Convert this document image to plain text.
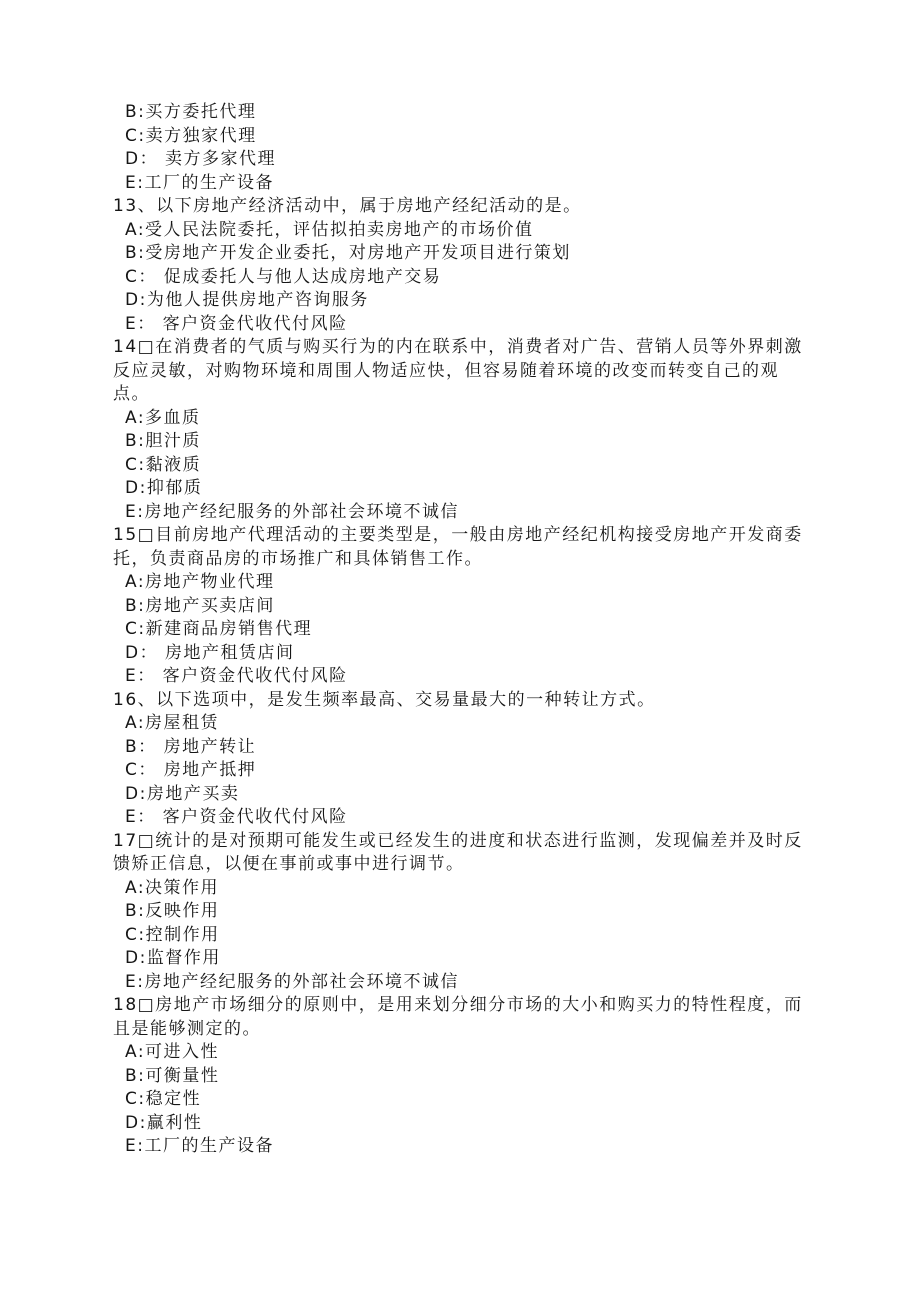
B:买方委托代理

C:卖方独家代理

D： 卖方多家代理

E:工厂的生产设备

13、以下房地产经济活动中，属于房地产经纪活动的是。

A:受人民法院委托，评估拟拍卖房地产的市场价值

B:受房地产开发企业委托，对房地产开发项目进行策划

C： 促成委托人与他人达成房地产交易

D:为他人提供房地产咨询服务

E： 客户资金代收代付风险

14□在消费者的气质与购买行为的内在联系中，消费者对广告、营销人员等外界刺激反应灵敏，对购物环境和周围人物适应快，但容易随着环境的改变而转变自己的观点。

A:多血质

B:胆汁质

C:黏液质

D:抑郁质

E:房地产经纪服务的外部社会环境不诚信

15□目前房地产代理活动的主要类型是，一般由房地产经纪机构接受房地产开发商委托，负责商品房的市场推广和具体销售工作。

A:房地产物业代理

B:房地产买卖店间

C:新建商品房销售代理

D： 房地产租赁店间

E： 客户资金代收代付风险

16、以下选项中，是发生频率最高、交易量最大的一种转让方式。

A:房屋租赁

B： 房地产转让

C： 房地产抵押

D:房地产买卖

E： 客户资金代收代付风险

17□统计的是对预期可能发生或已经发生的进度和状态进行监测，发现偏差并及时反馈矫正信息，以便在事前或事中进行调节。

A:决策作用

B:反映作用

C:控制作用

D:监督作用

E:房地产经纪服务的外部社会环境不诚信

18□房地产市场细分的原则中，是用来划分细分市场的大小和购买力的特性程度，而且是能够测定的。

A:可进入性

B:可衡量性

C:稳定性

D:赢利性

E:工厂的生产设备
